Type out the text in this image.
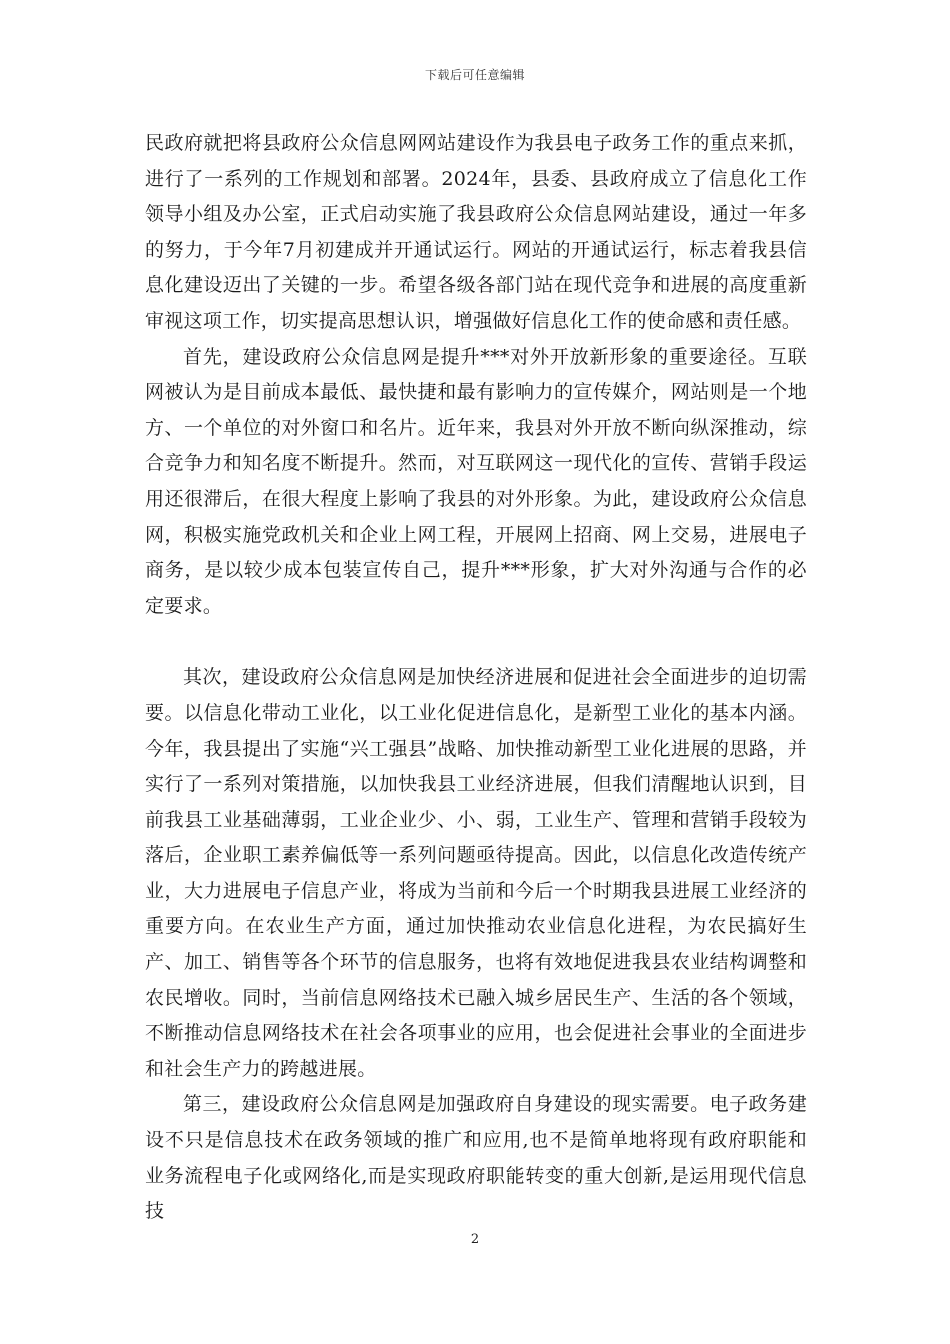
下载后可任意编辑

民政府就把将县政府公众信息网网站建设作为我县电子政务工作的重点来抓，进行了一系列的工作规划和部署。2024年，县委、县政府成立了信息化工作领导小组及办公室，正式启动实施了我县政府公众信息网站建设，通过一年多的努力，于今年7月初建成并开通试运行。网站的开通试运行，标志着我县信息化建设迈出了关键的一步。希望各级各部门站在现代竞争和进展的高度重新审视这项工作，切实提高思想认识，增强做好信息化工作的使命感和责任感。

首先，建设政府公众信息网是提升***对外开放新形象的重要途径。互联网被认为是目前成本最低、最快捷和最有影响力的宣传媒介，网站则是一个地方、一个单位的对外窗口和名片。近年来，我县对外开放不断向纵深推动，综合竞争力和知名度不断提升。然而，对互联网这一现代化的宣传、营销手段运用还很滞后，在很大程度上影响了我县的对外形象。为此，建设政府公众信息网，积极实施党政机关和企业上网工程，开展网上招商、网上交易，进展电子商务，是以较少成本包装宣传自己，提升***形象，扩大对外沟通与合作的必定要求。

其次，建设政府公众信息网是加快经济进展和促进社会全面进步的迫切需要。以信息化带动工业化，以工业化促进信息化，是新型工业化的基本内涵。今年，我县提出了实施“兴工强县”战略、加快推动新型工业化进展的思路，并实行了一系列对策措施，以加快我县工业经济进展，但我们清醒地认识到，目前我县工业基础薄弱，工业企业少、小、弱，工业生产、管理和营销手段较为落后，企业职工素养偏低等一系列问题亟待提高。因此，以信息化改造传统产业，大力进展电子信息产业，将成为当前和今后一个时期我县进展工业经济的重要方向。在农业生产方面，通过加快推动农业信息化进程，为农民搞好生产、加工、销售等各个环节的信息服务，也将有效地促进我县农业结构调整和农民增收。同时，当前信息网络技术已融入城乡居民生产、生活的各个领域，不断推动信息网络技术在社会各项事业的应用，也会促进社会事业的全面进步和社会生产力的跨越进展。

第三，建设政府公众信息网是加强政府自身建设的现实需要。电子政务建设不只是信息技术在政务领域的推广和应用,也不是简单地将现有政府职能和业务流程电子化或网络化,而是实现政府职能转变的重大创新,是运用现代信息技

2
